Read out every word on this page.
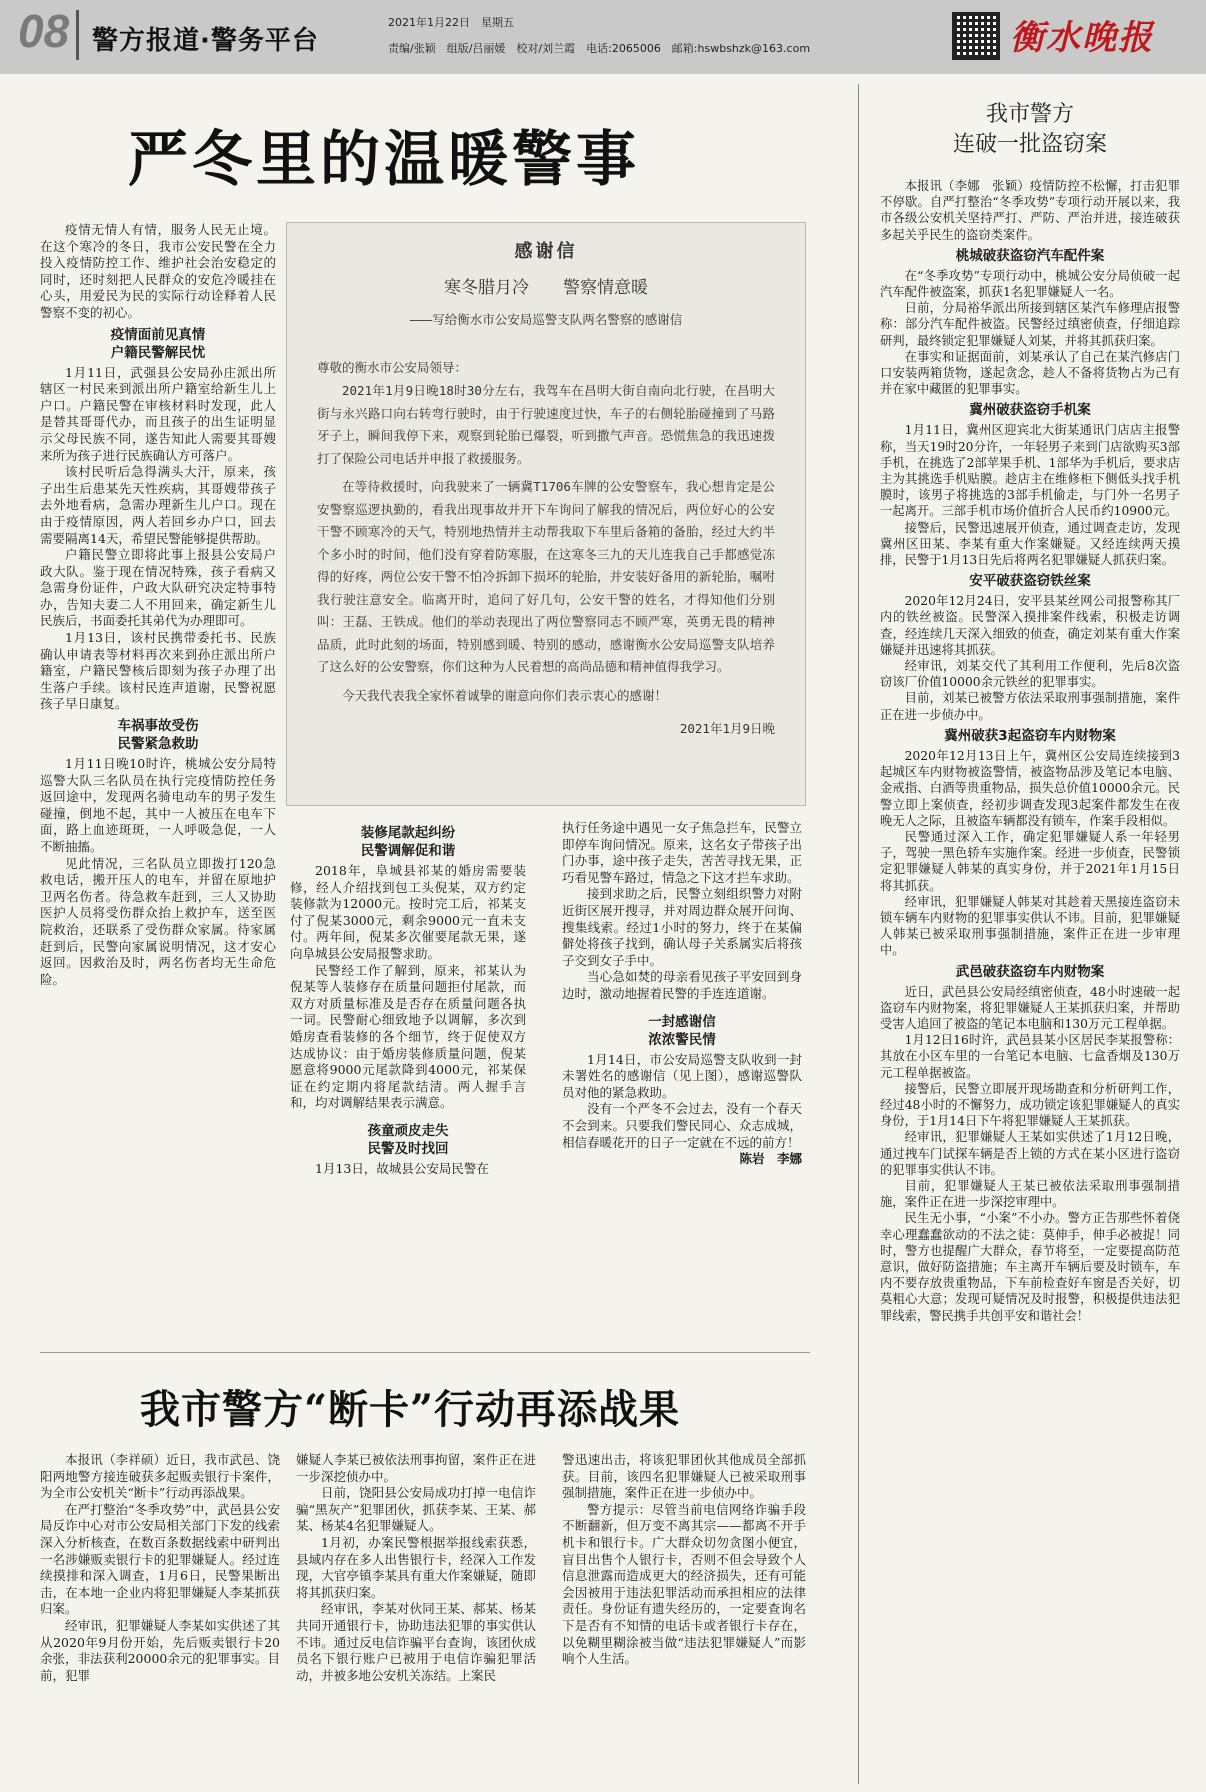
08 警方报道·警务平台
2021年1月22日　星期五
责编/张颖　组版/吕丽媛　校对/刘兰霞　电话:2065006　邮箱:hswbshzk@163.com	衡水晚报
严冬里的温暖警事

疫情无情人有情，服务人民无止境。在这个寒冷的冬日，我市公安民警在全力投入疫情防控工作、维护社会治安稳定的同时，还时刻把人民群众的安危冷暖挂在心头，用爱民为民的实际行动诠释着人民警察不变的初心。

疫情面前见真情
户籍民警解民忧

1月11日，武强县公安局孙庄派出所辖区一村民来到派出所户籍室给新生儿上户口。户籍民警在审核材料时发现，此人是替其哥哥代办，而且孩子的出生证明显示父母民族不同，遂告知此人需要其哥嫂来所为孩子进行民族确认方可落户。

该村民听后急得满头大汗，原来，孩子出生后患某先天性疾病，其哥嫂带孩子去外地看病，急需办理新生儿户口。现在由于疫情原因，两人若回乡办户口，回去需要隔离14天，希望民警能够提供帮助。

户籍民警立即将此事上报县公安局户政大队。鉴于现在情况特殊，孩子看病又急需身份证件，户政大队研究决定特事特办，告知夫妻二人不用回来，确定新生儿民族后，书面委托其弟代为办理即可。

1月13日，该村民携带委托书、民族确认申请表等材料再次来到孙庄派出所户籍室，户籍民警核后即刻为孩子办理了出生落户手续。该村民连声道谢，民警祝愿孩子早日康复。

车祸事故受伤
民警紧急救助

1月11日晚10时许，桃城公安分局特巡警大队三名队员在执行完疫情防控任务返回途中，发现两名骑电动车的男子发生碰撞，倒地不起，其中一人被压在电车下面，路上血迹斑斑，一人呼吸急促，一人不断抽搐。

见此情况，三名队员立即拨打120急救电话，搬开压人的电车，并留在原地护卫两名伤者。待急救车赶到，三人又协助医护人员将受伤群众抬上救护车，送至医院救治，还联系了受伤群众家属。待家属赶到后，民警向家属说明情况，这才安心返回。因救治及时，两名伤者均无生命危险。

感谢信
寒冬腊月冷　　警察情意暖
———写给衡水市公安局巡警支队两名警察的感谢信
尊敬的衡水市公安局领导：

2021年1月9日晚18时30分左右，我驾车在昌明大街自南向北行驶，在昌明大街与永兴路口向右转弯行驶时，由于行驶速度过快，车子的右侧轮胎碰撞到了马路牙子上，瞬间我停下来，观察到轮胎已爆裂，听到撒气声音。恐慌焦急的我迅速拨打了保险公司电话并申报了救援服务。

在等待救援时，向我驶来了一辆冀T1706车牌的公安警察车，我心想肯定是公安警察巡逻执勤的，看我出现事故并开下车询问了解我的情况后，两位好心的公安干警不顾寒冷的天气，特别地热情并主动帮我取下车里后备箱的备胎，经过大约半个多小时的时间，他们没有穿着防寒服，在这寒冬三九的天儿连我自己手都感觉冻得的好疼，两位公安干警不怕冷拆卸下损坏的轮胎，并安装好备用的新轮胎，嘱咐我行驶注意安全。临离开时，追问了好几句，公安干警的姓名，才得知他们分别叫：王磊、王铁成。他们的举动表现出了两位警察同志不顾严寒，英勇无畏的精神品质，此时此刻的场面，特别感到暖、特别的感动，感谢衡水公安局巡警支队培养了这么好的公安警察，你们这种为人民着想的高尚品德和精神值得我学习。

今天我代表我全家怀着诚挚的谢意向你们表示衷心的感谢！

2021年1月9日晚
装修尾款起纠纷
民警调解促和谐

2018年，阜城县祁某的婚房需要装修，经人介绍找到包工头倪某，双方约定装修款为12000元。按时完工后，祁某支付了倪某3000元，剩余9000元一直未支付。两年间，倪某多次催要尾款无果，遂向阜城县公安局报警求助。

民警经工作了解到，原来，祁某认为倪某等人装修存在质量问题拒付尾款，而双方对质量标准及是否存在质量问题各执一词。民警耐心细致地予以调解，多次到婚房查看装修的各个细节，终于促使双方达成协议：由于婚房装修质量问题，倪某愿意将9000元尾款降到4000元，祁某保证在约定期内将尾款结清。两人握手言和，均对调解结果表示满意。

孩童顽皮走失
民警及时找回

1月13日，故城县公安局民警在

执行任务途中遇见一女子焦急拦车，民警立即停车询问情况。原来，这名女子带孩子出门办事，途中孩子走失，苦苦寻找无果，正巧看见警车路过，情急之下这才拦车求助。

接到求助之后，民警立刻组织警力对附近街区展开搜寻，并对周边群众展开问询、搜集线索。经过1小时的努力，终于在某偏僻处将孩子找到，确认母子关系属实后将孩子交到女子手中。

当心急如焚的母亲看见孩子平安回到身边时，激动地握着民警的手连连道谢。

一封感谢信
浓浓警民情

1月14日，市公安局巡警支队收到一封未署姓名的感谢信（见上图），感谢巡警队员对他的紧急救助。

没有一个严冬不会过去，没有一个春天不会到来。只要我们警民同心、众志成城，相信春暖花开的日子一定就在不远的前方！

陈岩　李娜
我市警方“断卡”行动再添战果

本报讯（李祥硕）近日，我市武邑、饶阳两地警方接连破获多起贩卖银行卡案件，为全市公安机关“断卡”行动再添战果。

在严打整治“冬季攻势”中，武邑县公安局反诈中心对市公安局相关部门下发的线索深入分析核查，在数百条数据线索中研判出一名涉嫌贩卖银行卡的犯罪嫌疑人。经过连续摸排和深入调查，1月6日，民警果断出击，在本地一企业内将犯罪嫌疑人李某抓获归案。

经审讯，犯罪嫌疑人李某如实供述了其从2020年9月份开始，先后贩卖银行卡20余张，非法获利20000余元的犯罪事实。目前，犯罪

嫌疑人李某已被依法刑事拘留，案件正在进一步深挖侦办中。

日前，饶阳县公安局成功打掉一电信诈骗“黑灰产”犯罪团伙，抓获李某、王某、郝某、杨某4名犯罪嫌疑人。

1月初，办案民警根据举报线索获悉，县域内存在多人出售银行卡，经深入工作发现，大官亭镇李某具有重大作案嫌疑，随即将其抓获归案。

经审讯，李某对伙同王某、郝某、杨某共同开通银行卡，协助违法犯罪的事实供认不讳。通过反电信诈骗平台查询，该团伙成员名下银行账户已被用于电信诈骗犯罪活动，并被多地公安机关冻结。上案民

警迅速出击，将该犯罪团伙其他成员全部抓获。目前，该四名犯罪嫌疑人已被采取刑事强制措施，案件正在进一步侦办中。

警方提示：尽管当前电信网络诈骗手段不断翻新，但万变不离其宗——都离不开手机卡和银行卡。广大群众切勿贪图小便宜，盲目出售个人银行卡，否则不但会导致个人信息泄露而造成更大的经济损失，还有可能会因被用于违法犯罪活动而承担相应的法律责任。身份证有遗失经历的，一定要查询名下是否有不知情的电话卡或者银行卡存在，以免糊里糊涂被当做“违法犯罪嫌疑人”而影响个人生活。

我市警方
连破一批盗窃案

本报讯（李娜　张颖）疫情防控不松懈，打击犯罪不停歇。自严打整治“冬季攻势”专项行动开展以来，我市各级公安机关坚持严打、严防、严治并进，接连破获多起关乎民生的盗窃类案件。

桃城破获盗窃汽车配件案

在“冬季攻势”专项行动中，桃城公安分局侦破一起汽车配件被盗案，抓获1名犯罪嫌疑人一名。

日前，分局裕华派出所接到辖区某汽车修理店报警称：部分汽车配件被盗。民警经过缜密侦查，仔细追踪研判，最终锁定犯罪嫌疑人刘某，并将其抓获归案。

在事实和证据面前，刘某承认了自己在某汽修店门口安装两箱货物，遂起贪念，趁人不备将货物占为己有并在家中藏匿的犯罪事实。

冀州破获盗窃手机案

1月11日，冀州区迎宾北大街某通讯门店店主报警称，当天19时20分许，一年轻男子来到门店欲购买3部手机，在挑选了2部苹果手机、1部华为手机后，要求店主为其挑选手机贴膜。趁店主在维修柜下侧低头找手机膜时，该男子将挑选的3部手机偷走，与门外一名男子一起离开。三部手机市场价值折合人民币约10900元。

接警后，民警迅速展开侦查，通过调查走访，发现冀州区田某、李某有重大作案嫌疑。又经连续两天摸排，民警于1月13日先后将两名犯罪嫌疑人抓获归案。

安平破获盗窃铁丝案

2020年12月24日，安平县某丝网公司报警称其厂内的铁丝被盗。民警深入摸排案件线索，积极走访调查，经连续几天深入细致的侦查，确定刘某有重大作案嫌疑并迅速将其抓获。

经审讯，刘某交代了其利用工作便利，先后8次盗窃该厂价值10000余元铁丝的犯罪事实。

目前，刘某已被警方依法采取刑事强制措施，案件正在进一步侦办中。

冀州破获3起盗窃车内财物案

2020年12月13日上午，冀州区公安局连续接到3起城区车内财物被盗警情，被盗物品涉及笔记本电脑、金戒指、白酒等贵重物品，损失总价值10000余元。民警立即上案侦查，经初步调查发现3起案件都发生在夜晚无人之际，且被盗车辆都没有锁车，作案手段相似。

民警通过深入工作，确定犯罪嫌疑人系一年轻男子，驾驶一黑色轿车实施作案。经进一步侦查，民警锁定犯罪嫌疑人韩某的真实身份，并于2021年1月15日将其抓获。

经审讯，犯罪嫌疑人韩某对其趁着天黑接连盗窃未锁车辆车内财物的犯罪事实供认不讳。目前，犯罪嫌疑人韩某已被采取刑事强制措施，案件正在进一步审理中。

武邑破获盗窃车内财物案

近日，武邑县公安局经缜密侦查，48小时速破一起盗窃车内财物案，将犯罪嫌疑人王某抓获归案，并帮助受害人追回了被盗的笔记本电脑和130万元工程单据。

1月12日16时许，武邑县某小区居民李某报警称：其放在小区车里的一台笔记本电脑、七盒香烟及130万元工程单据被盗。

接警后，民警立即展开现场勘查和分析研判工作，经过48小时的不懈努力，成功锁定该犯罪嫌疑人的真实身份，于1月14日下午将犯罪嫌疑人王某抓获。

经审讯，犯罪嫌疑人王某如实供述了1月12日晚，通过拽车门试探车辆是否上锁的方式在某小区进行盗窃的犯罪事实供认不讳。

目前，犯罪嫌疑人王某已被依法采取刑事强制措施，案件正在进一步深挖审理中。

民生无小事，“小案”不小办。警方正告那些怀着侥幸心理蠢蠢欲动的不法之徒：莫伸手，伸手必被捉！同时，警方也提醒广大群众，春节将至，一定要提高防范意识，做好防盗措施；车主离开车辆后要及时锁车，车内不要存放贵重物品，下车前检查好车窗是否关好，切莫粗心大意；发现可疑情况及时报警，积极提供违法犯罪线索，警民携手共创平安和谐社会！
